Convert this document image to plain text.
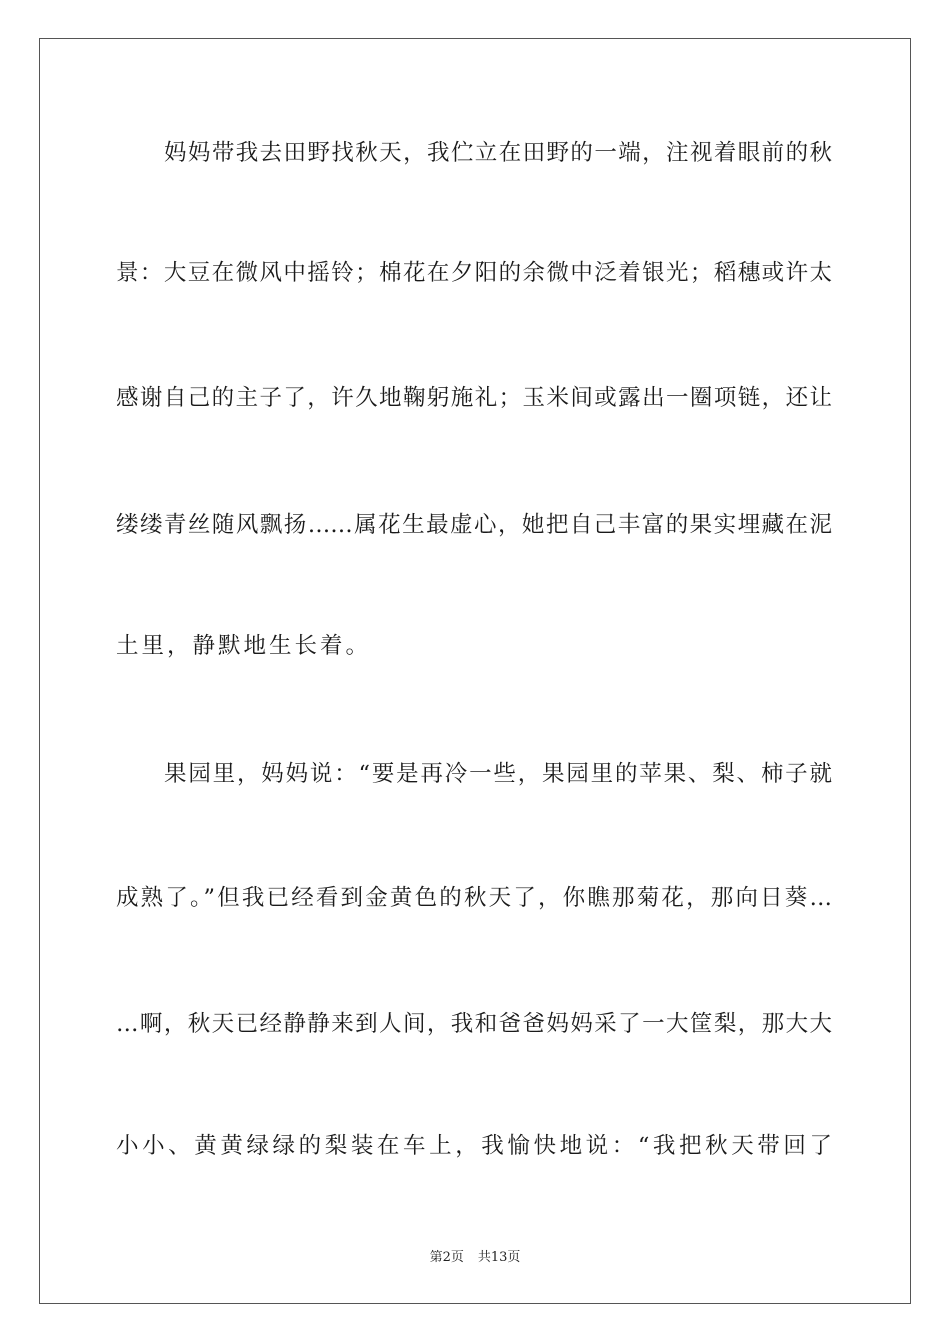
妈妈带我去田野找秋天，我伫立在田野的一端，注视着眼前的秋
景：大豆在微风中摇铃；棉花在夕阳的余微中泛着银光；稻穗或许太
感谢自己的主子了，许久地鞠躬施礼；玉米间或露出一圈项链，还让
缕缕青丝随风飘扬……属花生最虚心，她把自己丰富的果实埋藏在泥
土里，静默地生长着。
果园里，妈妈说：“要是再冷一些，果园里的苹果、梨、柿子就
成熟了。”但我已经看到金黄色的秋天了，你瞧那菊花，那向日葵…
…啊，秋天已经静静来到人间，我和爸爸妈妈采了一大筐梨，那大大
小小、黄黄绿绿的梨装在车上，我愉快地说：“我把秋天带回了
第2页 共13页
